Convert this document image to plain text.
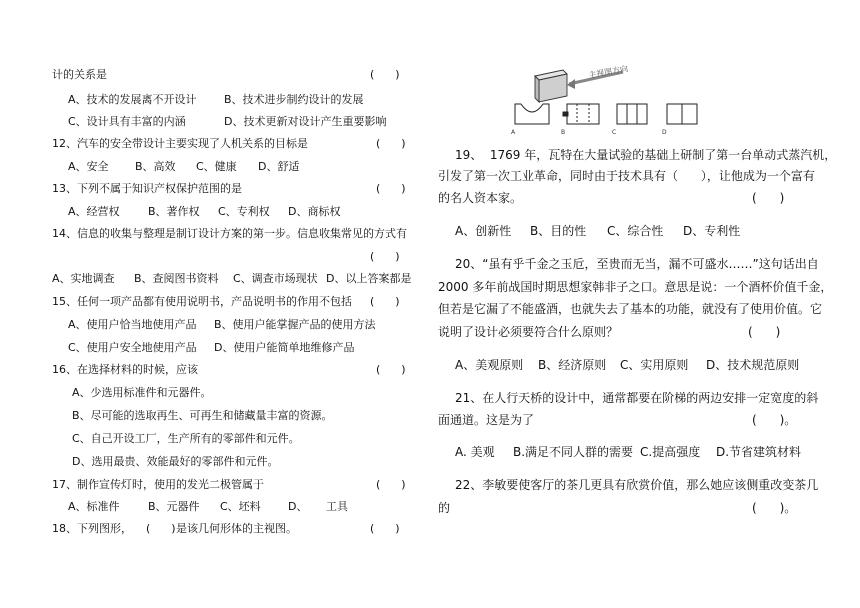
计的关系是	(      )
A、技术的发展离不开设计 B、技术进步制约设计的发展
C、设计具有丰富的内涵	D、技术更新对设计产生重要影响
12、汽车的安全带设计主要实现了人机关系的目标是	(      )
A、安全 B、高效 C、健康 D、舒适
13、下列不属于知识产权保护范围的是	(      )
A、经营权	B、著作权 C、专利权 D、商标权
14、信息的收集与整理是制订设计方案的第一步。信息收集常见的方式有
(      )
A、实地调查 B、查阅图书资料 C、调查市场现状 D、以上答案都是
15、任何一项产品都有使用说明书，产品说明书的作用不包括 (      )
A、使用户恰当地使用产品 B、使用户能掌握产品的使用方法
C、使用户安全地使用产品 D、使用户能简单地维修产品
16、在选择材料的时候，应该	(      )
A、少选用标准件和元器件。
B、尽可能的选取再生、可再生和储藏量丰富的资源。
C、自己开设工厂，生产所有的零部件和元件。
D、选用最贵、效能最好的零部件和元件。
17、制作宣传灯时，使用的发光二极管属于	(      )
A、标准件	B、元器件 C、坯料 D、 工具
18、下列图形， (      ) 是该几何形体的主视图。	(      )
主视图方向
A	B	C	D
19、  1769 年，瓦特在大量试验的基础上研制了第一台单动式蒸汽机，
引发了第一次工业革命，同时由于技术具有（      ），让他成为一个富有
的名人资本家。	(      )
A、创新性 B、目的性 C、综合性 D、专利性
20、“虽有乎千金之玉卮，至贵而无当，漏不可盛水……”这句话出自
2000 多年前战国时期思想家韩非子之口。意思是说：一个酒杯价值千金，
但若是它漏了不能盛酒，也就失去了基本的功能，就没有了使用价值。它
说明了设计必须要符合什么原则？	(      )
A、美观原则 B、经济原则 C、实用原则 D、技术规范原则
21、在人行天桥的设计中，通常都要在阶梯的两边安排一定宽度的斜
面通道。这是为了	(      )。
A. 美观 B.满足不同人群的需要 C.提高强度 D.节省建筑材料
22、李敏要使客厅的茶几更具有欣赏价值，那么她应该侧重改变茶几
的	(      )。
